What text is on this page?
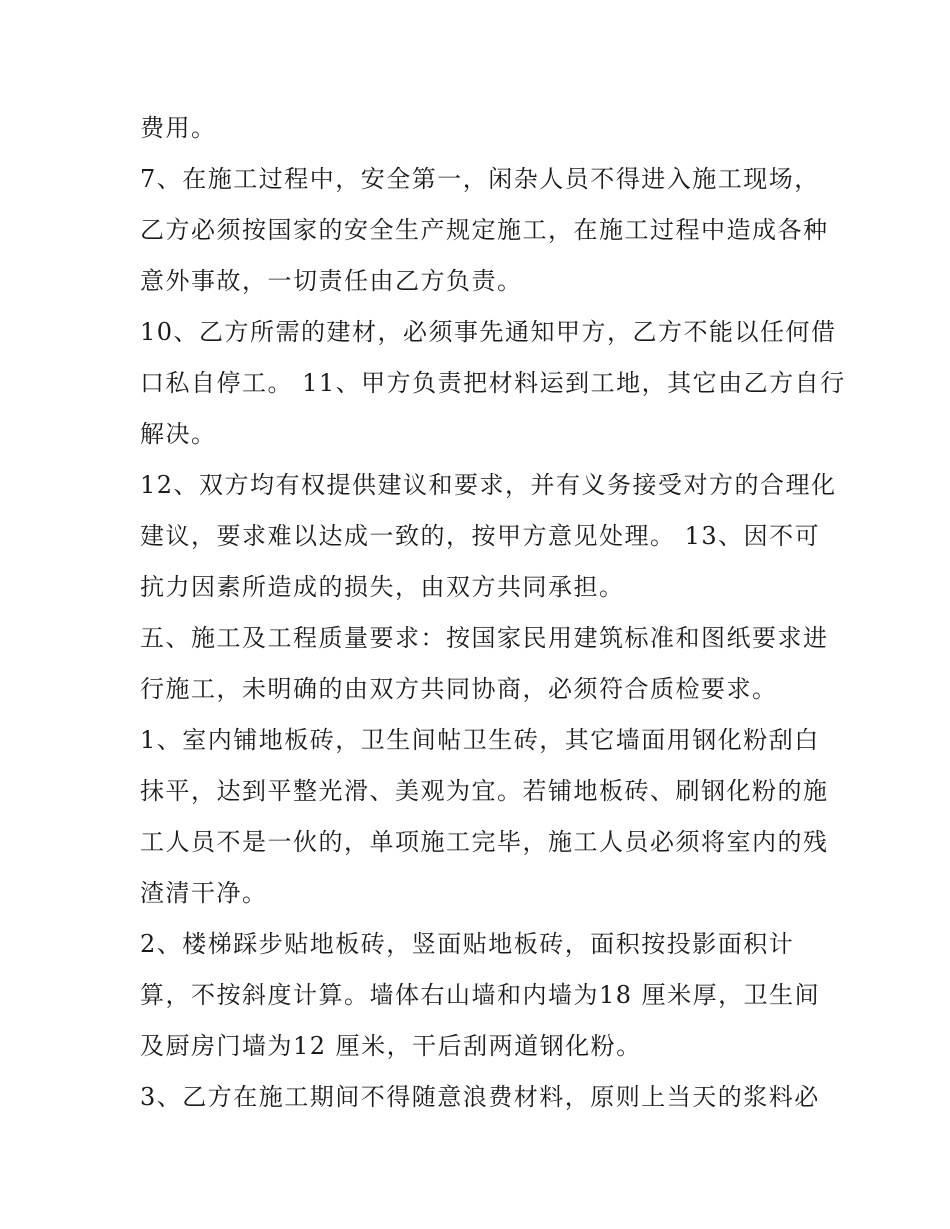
费用。
7、在施工过程中，安全第一，闲杂人员不得进入施工现场，
乙方必须按国家的安全生产规定施工，在施工过程中造成各种
意外事故，一切责任由乙方负责。
10、乙方所需的建材，必须事先通知甲方，乙方不能以任何借
口私自停工。 11、甲方负责把材料运到工地，其它由乙方自行
解决。
12、双方均有权提供建议和要求，并有义务接受对方的合理化
建议，要求难以达成一致的，按甲方意见处理。 13、因不可
抗力因素所造成的损失，由双方共同承担。
五、施工及工程质量要求：按国家民用建筑标准和图纸要求进
行施工，未明确的由双方共同协商，必须符合质检要求。
1、室内铺地板砖，卫生间帖卫生砖，其它墙面用钢化粉刮白
抹平，达到平整光滑、美观为宜。若铺地板砖、刷钢化粉的施
工人员不是一伙的，单项施工完毕，施工人员必须将室内的残
渣清干净。
2、楼梯踩步贴地板砖，竖面贴地板砖，面积按投影面积计
算，不按斜度计算。墙体右山墙和内墙为18 厘米厚，卫生间
及厨房门墙为12 厘米，干后刮两道钢化粉。
3、乙方在施工期间不得随意浪费材料，原则上当天的浆料必
